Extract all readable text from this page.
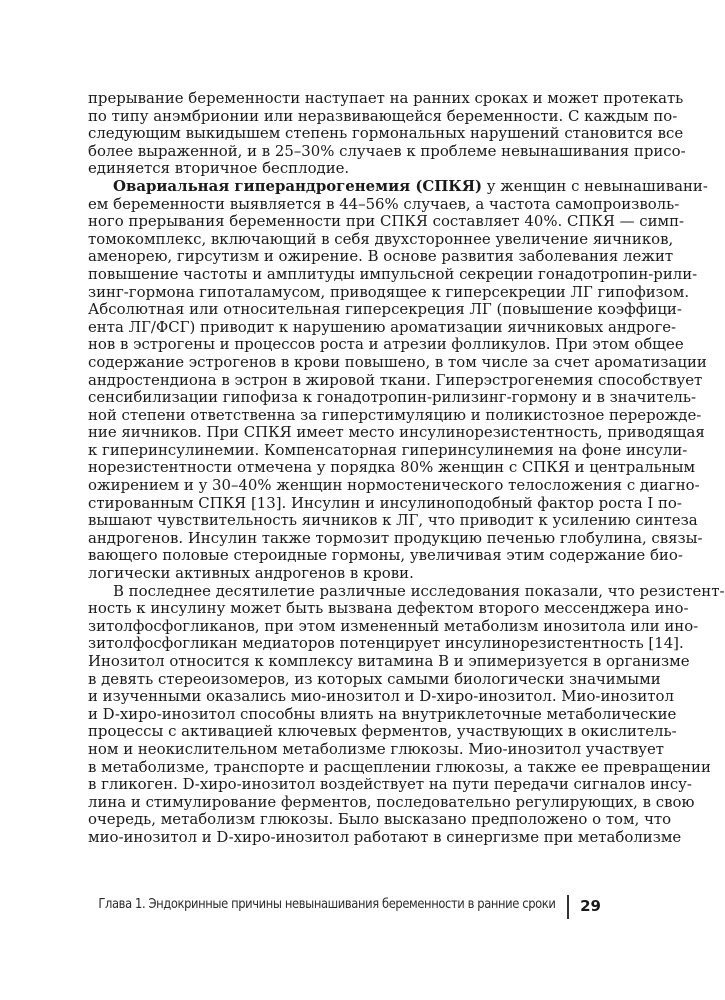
прерывание беременности наступает на ранних сроках и может протекать
по типу анэмбрионии или неразвивающейся беременности. С каждым по-
следующим выкидышем степень гормональных нарушений становится все
более выраженной, и в 25–30% случаев к проблеме невынашивания присо-
единяется вторичное бесплодие.
Овариальная гиперандрогенемия (СПКЯ) у женщин с невынашивани-
ем беременности выявляется в 44–56% случаев, а частота самопроизволь-
ного прерывания беременности при СПКЯ составляет 40%. СПКЯ — симп-
томокомплекс, включающий в себя двухстороннее увеличение яичников,
аменорею, гирсутизм и ожирение. В основе развития заболевания лежит
повышение частоты и амплитуды импульсной секреции гонадотропин-рили-
зинг-гормона гипоталамусом, приводящее к гиперсекреции ЛГ гипофизом.
Абсолютная или относительная гиперсекреция ЛГ (повышение коэффици-
ента ЛГ/ФСГ) приводит к нарушению ароматизации яичниковых андроге-
нов в эстрогены и процессов роста и атрезии фолликулов. При этом общее
содержание эстрогенов в крови повышено, в том числе за счет ароматизации
андростендиона в эстрон в жировой ткани. Гиперэстрогенемия способствует
сенсибилизации гипофиза к гонадотропин-рилизинг-гормону и в значитель-
ной степени ответственна за гиперстимуляцию и поликистозное перерожде-
ние яичников. При СПКЯ имеет место инсулинорезистентность, приводящая
к гиперинсулинемии. Компенсаторная гиперинсулинемия на фоне инсули-
норезистентности отмечена у порядка 80% женщин с СПКЯ и центральным
ожирением и у 30–40% женщин нормостенического телосложения с диагно-
стированным СПКЯ [13]. Инсулин и инсулиноподобный фактор роста I по-
вышают чувствительность яичников к ЛГ, что приводит к усилению синтеза
андрогенов. Инсулин также тормозит продукцию печенью глобулина, связы-
вающего половые стероидные гормоны, увеличивая этим содержание био-
логически активных андрогенов в крови.
В последнее десятилетие различные исследования показали, что резистент-
ность к инсулину может быть вызвана дефектом второго мессенджера ино-
зитолфосфогликанов, при этом измененный метаболизм инозитола или ино-
зитолфосфогликан медиаторов потенцирует инсулинорезистентность [14].
Инозитол относится к комплексу витамина В и эпимеризуется в организме
в девять стереоизомеров, из которых самыми биологически значимыми
и изученными оказались мио-инозитол и D-хиро-инозитол. Мио-инозитол
и D-хиро-инозитол способны влиять на внутриклеточные метаболические
процессы с активацией ключевых ферментов, участвующих в окислитель-
ном и неокислительном метаболизме глюкозы. Мио-инозитол участвует
в метаболизме, транспорте и расщеплении глюкозы, а также ее превращении
в гликоген. D-хиро-инозитол воздействует на пути передачи сигналов инсу-
лина и стимулирование ферментов, последовательно регулирующих, в свою
очередь, метаболизм глюкозы. Было высказано предположено о том, что
мио-инозитол и D-хиро-инозитол работают в синергизме при метаболизме
Глава 1. Эндокринные причины невынашивания беременности в ранние сроки 29
